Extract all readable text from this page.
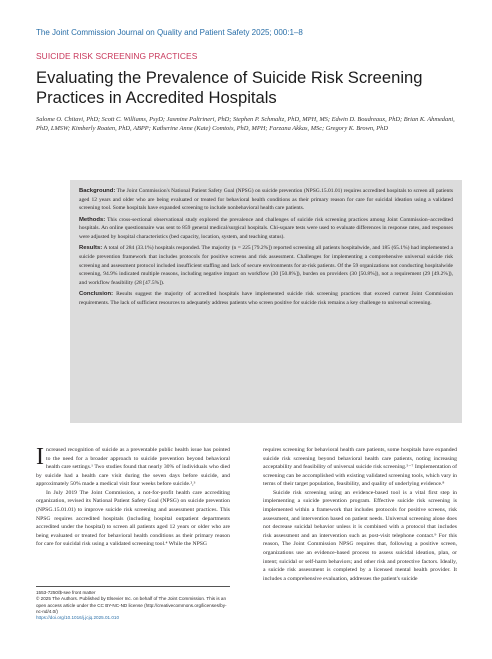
The Joint Commission Journal on Quality and Patient Safety 2025; 000:1–8
SUICIDE RISK SCREENING PRACTICES
Evaluating the Prevalence of Suicide Risk Screening Practices in Accredited Hospitals
Salome O. Chitavi, PhD; Scott C. Williams, PsyD; Jasmine Paltrineri, PhD; Stephen P. Schmaltz, PhD, MPH, MS; Edwin D. Boudreaux, PhD; Brian K. Ahmedani, PhD, LMSW; Kimberly Roaten, PhD, ABPP; Katherine Anne (Kate) Comtois, PhD, MPH; Farzana Akkas, MSc; Gregory K. Brown, PhD

Background: The Joint Commission's National Patient Safety Goal (NPSG) on suicide prevention (NPSG.15.01.01) requires accredited hospitals to screen all patients aged 12 years and older who are being evaluated or treated for behavioral health conditions as their primary reason for care for suicidal ideation using a validated screening tool. Some hospitals have expanded screening to include nonbehavioral health care patients.

Methods: This cross-sectional observational study explored the prevalence and challenges of suicide risk screening practices among Joint Commission–accredited hospitals. An online questionnaire was sent to 859 general medical/surgical hospitals. Chi-square tests were used to evaluate differences in response rates, and responses were adjusted by hospital characteristics (bed capacity, location, system, and teaching status).

Results: A total of 284 (33.1%) hospitals responded. The majority (n = 225 [79.2%]) reported screening all patients hospitalwide, and 185 (65.1%) had implemented a suicide prevention framework that includes protocols for positive screens and risk assessment. Challenges for implementing a comprehensive universal suicide risk screening and assessment protocol included insufficient staffing and lack of secure environments for at-risk patients. Of the 59 organizations not conducting hospitalwide screening, 94.9% indicated multiple reasons, including negative impact on workflow (30 [50.8%]), burden on providers (30 [50.8%]), not a requirement (29 [49.2%]), and workflow feasibility (28 [47.5%]).

Conclusion: Results suggest the majority of accredited hospitals have implemented suicide risk screening practices that exceed current Joint Commission requirements. The lack of sufficient resources to adequately address patients who screen positive for suicide risk remains a key challenge to universal screening.

Increased recognition of suicide as a preventable public health issue has pointed to the need for a broader approach to suicide prevention beyond behavioral health care settings.¹ Two studies found that nearly 30% of individuals who died by suicide had a health care visit during the seven days before suicide, and approximately 50% made a medical visit four weeks before suicide.²,³

In July 2019 The Joint Commission, a not-for-profit health care accrediting organization, revised its National Patient Safety Goal (NPSG) on suicide prevention (NPSG.15.01.01) to improve suicide risk screening and assessment practices. This NPSG requires accredited hospitals (including hospital outpatient departments accredited under the hospital) to screen all patients aged 12 years or older who are being evaluated or treated for behavioral health conditions as their primary reason for care for suicidal risk using a validated screening tool.⁴ While the NPSG

requires screening for behavioral health care patients, some hospitals have expanded suicide risk screening beyond behavioral health care patients, noting increasing acceptability and feasibility of universal suicide risk screening.⁵⁻⁷ Implementation of screening can be accomplished with existing validated screening tools, which vary in terms of their target population, feasibility, and quality of underlying evidence.⁸

Suicide risk screening using an evidence-based tool is a vital first step in implementing a suicide prevention program. Effective suicide risk screening is implemented within a framework that includes protocols for positive screens, risk assessment, and intervention based on patient needs. Universal screening alone does not decrease suicidal behavior unless it is combined with a protocol that includes risk assessment and an intervention such as post-visit telephone contact.⁹ For this reason, The Joint Commission NPSG requires that, following a positive screen, organizations use an evidence-based process to assess suicidal ideation, plan, or intent; suicidal or self-harm behaviors; and other risk and protective factors. Ideally, a suicide risk assessment is completed by a licensed mental health provider. It includes a comprehensive evaluation, addresses the patient's suicide

1553-7250/$-see front matter

© 2025 The Authors. Published by Elsevier Inc. on behalf of The Joint Commission. This is an open access article under the CC BY-NC-ND license (http://creativecommons.org/licenses/by-nc-nd/4.0/)

https://doi.org/10.1016/j.jcjq.2025.01.010
